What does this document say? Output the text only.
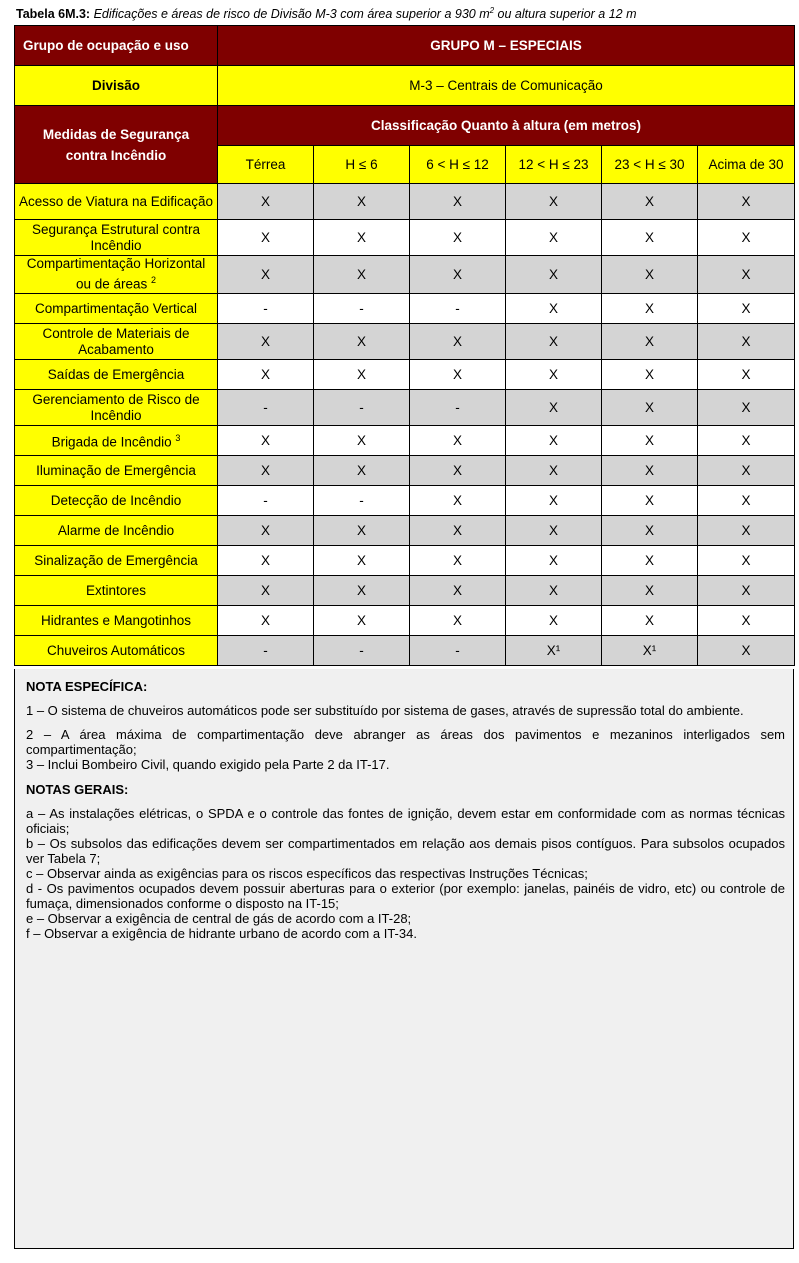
Tabela 6M.3: Edificações e áreas de risco de Divisão M-3 com área superior a 930 $m^2$ ou altura superior a 12 m
Grupo de ocupação e uso	GRUPO M – ESPECIAIS					
Divisão	M-3 – Centrais de Comunicação					
Medidas de Segurança contra Incêndio	Classificação Quanto à altura (em metros)					
	Térrea	H ≤ 6	6 < H ≤ 12	12 < H ≤ 23	23 < H ≤ 30	Acima de 30
Acesso de Viatura na Edificação	X	X	X	X	X	X
Segurança Estrutural contra Incêndio	X	X	X	X	X	X
Compartimentação Horizontal ou de áreas $^2$	X	X	X	X	X	X
Compartimentação Vertical	-	-	-	X	X	X
Controle de Materiais de Acabamento	X	X	X	X	X	X
Saídas de Emergência	X	X	X	X	X	X
Gerenciamento de Risco de Incêndio	-	-	-	X	X	X
Brigada de Incêndio $^3$	X	X	X	X	X	X
Iluminação de Emergência	X	X	X	X	X	X
Detecção de Incêndio	-	-	X	X	X	X
Alarme de Incêndio	X	X	X	X	X	X
Sinalização de Emergência	X	X	X	X	X	X
Extintores	X	X	X	X	X	X
Hidrantes e Mangotinhos	X	X	X	X	X	X
Chuveiros Automáticos	-	-	-	X¹	X¹	X
NOTA ESPECÍFICA:

1 – O sistema de chuveiros automáticos pode ser substituído por sistema de gases, através de supressão total do ambiente.

2 – A área máxima de compartimentação deve abranger as áreas dos pavimentos e mezaninos interligados sem compartimentação;

3 – Inclui Bombeiro Civil, quando exigido pela Parte 2 da IT-17.

NOTAS GERAIS:

a – As instalações elétricas, o SPDA e o controle das fontes de ignição, devem estar em conformidade com as normas técnicas oficiais;

b – Os subsolos das edificações devem ser compartimentados em relação aos demais pisos contíguos. Para subsolos ocupados ver Tabela 7;

c – Observar ainda as exigências para os riscos específicos das respectivas Instruções Técnicas;

d - Os pavimentos ocupados devem possuir aberturas para o exterior (por exemplo: janelas, painéis de vidro, etc) ou controle de fumaça, dimensionados conforme o disposto na IT-15;

e – Observar a exigência de central de gás de acordo com a IT-28;

f – Observar a exigência de hidrante urbano de acordo com a IT-34.
